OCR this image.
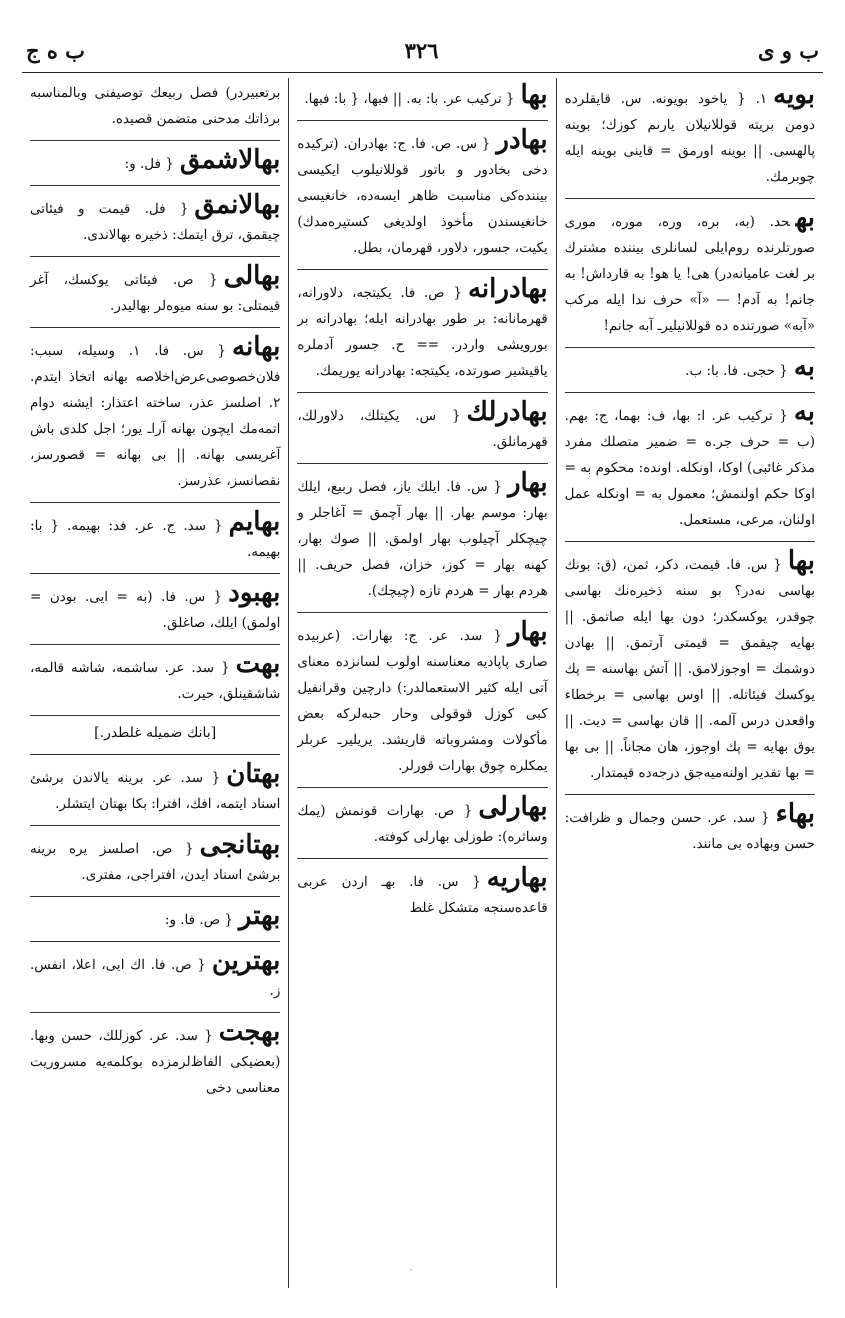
ب و ى
۳۲٦
ب ه ج
بويه۱. { ياخود بويونه. س. قايقلرده دومن بريته قوللانيلان يارىم كوزك؛ بوينه پالهسى. || بوينه اورمق = قاينى بوينه ايله چوبرمك.
بهحد. (به، بره، وره، موره، موری صورتلرنده روم‌ايلی لسانلرى بيننده مشترك بر لغت عاميانه‌در) هی! يا هو! به قارداش! به جانم! به آدم! — «آ» حرف ندا ايله مركب «آبه» صورتنده ده قوللانيليرـ آبه جانم!
به{ حجى. فا. با: ب.
به{ تركيب عر. ا: بها، ف: بهما، ج: بهم. (ب = حرف جر.ه = ضمير متصلك مفرد مذكر غائبى) اوكا، اونكله. اونده: محكوم به = اوكا حكم اولنمش؛ معمول به = اونكله عمل اولنان، مرعى، مستعمل.
بها{ س. فا. قيمت، دكر، ثمن، (ق: بونك بهاسى نه‌در؟ بو سنه ذخيره‌نك بهاسى چوقدر، يوكسكدر؛ دون بها ايله صاتمق. || بهايه چيقمق = قيمتى آرتمق. || بهادن دوشمك = اوجوزلامق. || آتش بهاسنه = پك يوكسك فيئاتله. || اوس بهاسى = برخطاء واقعدن درس آلمه. || قان بهاسى = ديت. || يوق بهايه = پك اوجوز، هان مجاناً. || بى بها = بها تقدير اولنه‌ميه‌جق درجه‌ده قيمتدار.
بهاء{ سد. عر. حسن وجمال و ظرافت: حسن وبهاده بى مانند.
بها{ تركيب عر. با: به. || فبها، { با: فبها.
بهادر{ س. ص. فا. ج: بهادران. (تركيده دخى بخادور و باتور قوللانيلوب ايكيسى بيننده‌كى مناسبت ظاهر ايسه‌ده، خانغيسى خانغيسندن مأخوذ اولديغى كستيره‌مدك) يكيت، جسور، دلاور، قهرمان، بطل.
بهادرانه{ ص. فا. يكيتجه، دلاورانه، قهرمانانه: بر طور بهادرانه ايله؛ بهادرانه بر بورويشى واردر. == ح. جسور آدملره ياقيشير صورتده، يكيتجه: بهادرانه يوريمك.
بهادرلك{ س. يكيتلك، دلاورلك، قهرمانلق.
بهار{ س. فا. ايلك ياز، فصل ربيع، ايلك بهار: موسم بهار. || بهار آچمق = آغاجلر و چيچكلر آچيلوب بهار اولمق. || صوك بهار، كهنه بهار = كوز، خزان، فصل حريف. || هردم بهار = هردم تازه (چيچك).
بهار{ سد. عر. ج: بهارات. (عربيده صارى پاپاديه معناسنه اولوب لسانزده معناى آتى ايله كثير الاستعمالدر:) دارچين وقرانفيل كبى كوزل قوقولى وحار حبه‌لركه بعض مأكولات ومشروباته قاريشد. يريليرـ عربلر يمكلره چوق بهارات قورلر.
بهارلى{ ص. بهارات قونمش (يمك وساثره): طوزلى بهارلى كوفته.
بهاريه{ س. فا. بهـ اردن عربى قاعده‌سنجه متشكل غلط
برتعبيردر) فصل ربيعك توصيفنى وبالمناسبه برذاتك مدحنى متضمن قصيده.
بهالاشمق{ فل. و:
بهالانمق{ فل. قيمت و فيئاتى چيقمق، ترق ايتمك: ذخيره بهالاندى.
بهالى{ ص. فيئاتى يوكسك، آغر قيمتلى: بو سنه ميوه‌لر بهاليدر.
بهانه{ س. فا. ۱. وسيله، سبب: فلان‌خصوصى‌عرض‌اخلاصه بهانه اتخاذ ايتدم. ۲. اصلسز عذر، ساخته اعتذار: ايشنه دوام اتمه‌مك ايچون بهانه آراـ يور؛ اجل كلدى باش آغريسى بهانه. || بى بهانه = قصورسز، نقصانسز، عذرسز.
بهايم{ سد. ج. عر. فد: بهيمه. { با: بهيمه.
بهبود{ س. فا. (به = ايى. بودن = اولمق) ايلك، صاغلق.
بهت{ سد. عر. ساشمه، شاشه قالمه، شاشقينلق، حيرت.
[بانك ضميله غلطدر.]
بهتان{ سد. عر. برينه يالاندن برشئ اسناد ايتمه، افك، افترا: بكا بهتان ايتشلر.
بهتانجى{ ص. اصلسز يره برينه برشئ اسناد ايدن، افتراجى، مفترى.
بهتر{ ص. فا. و:
بهترين{ ص. فا. اك ايى، اعلا، انفس. ز.
بهجت{ سد. عر. كوزللك، حسن وبها. (بعضيكى الفاظ‌لرمزده بوكلمه‌يه مسروريت معناسى دخى
.
